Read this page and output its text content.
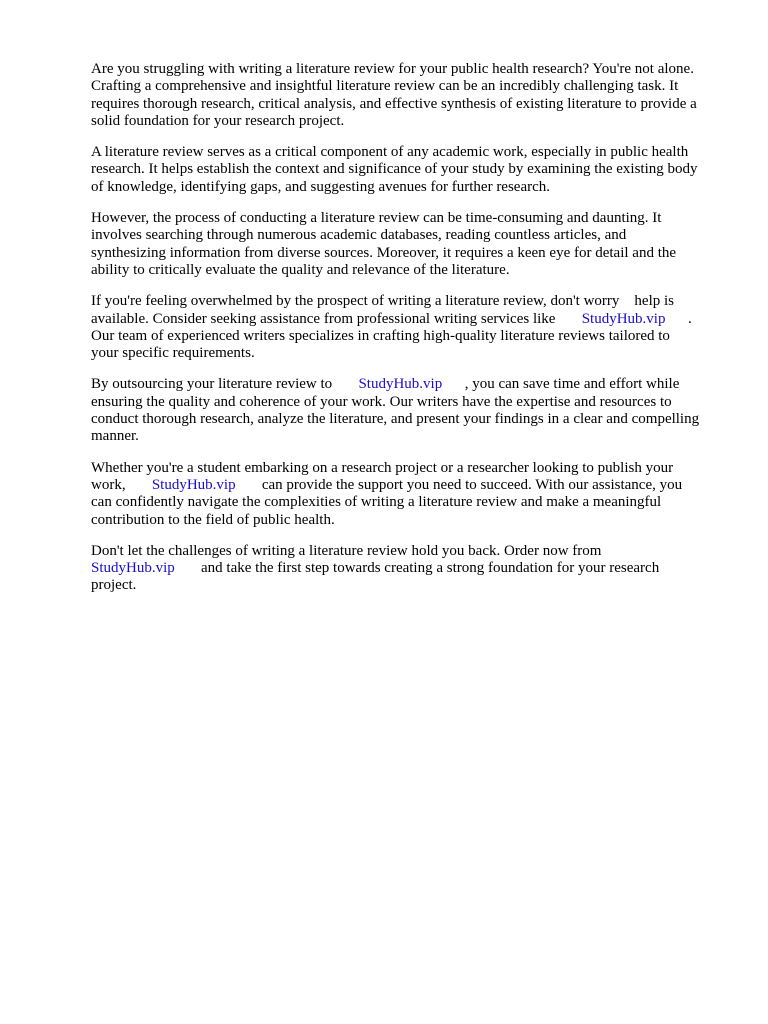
Are you struggling with writing a literature review for your public health research? You're not alone.
Crafting a comprehensive and insightful literature review can be an incredibly challenging task. It
requires thorough research, critical analysis, and effective synthesis of existing literature to provide a
solid foundation for your research project.
A literature review serves as a critical component of any academic work, especially in public health
research. It helps establish the context and significance of your study by examining the existing body
of knowledge, identifying gaps, and suggesting avenues for further research.
However, the process of conducting a literature review can be time-consuming and daunting. It
involves searching through numerous academic databases, reading countless articles, and
synthesizing information from diverse sources. Moreover, it requires a keen eye for detail and the
ability to critically evaluate the quality and relevance of the literature.
If you're feeling overwhelmed by the prospect of writing a literature review, don't worry    help is
available. Consider seeking assistance from professional writing services like       StudyHub.vip      .
Our team of experienced writers specializes in crafting high-quality literature reviews tailored to
your specific requirements.
By outsourcing your literature review to       StudyHub.vip      , you can save time and effort while
ensuring the quality and coherence of your work. Our writers have the expertise and resources to
conduct thorough research, analyze the literature, and present your findings in a clear and compelling
manner.
Whether you're a student embarking on a research project or a researcher looking to publish your
work,       StudyHub.vip       can provide the support you need to succeed. With our assistance, you
can confidently navigate the complexities of writing a literature review and make a meaningful
contribution to the field of public health.
Don't let the challenges of writing a literature review hold you back. Order now from
StudyHub.vip       and take the first step towards creating a strong foundation for your research
project.
